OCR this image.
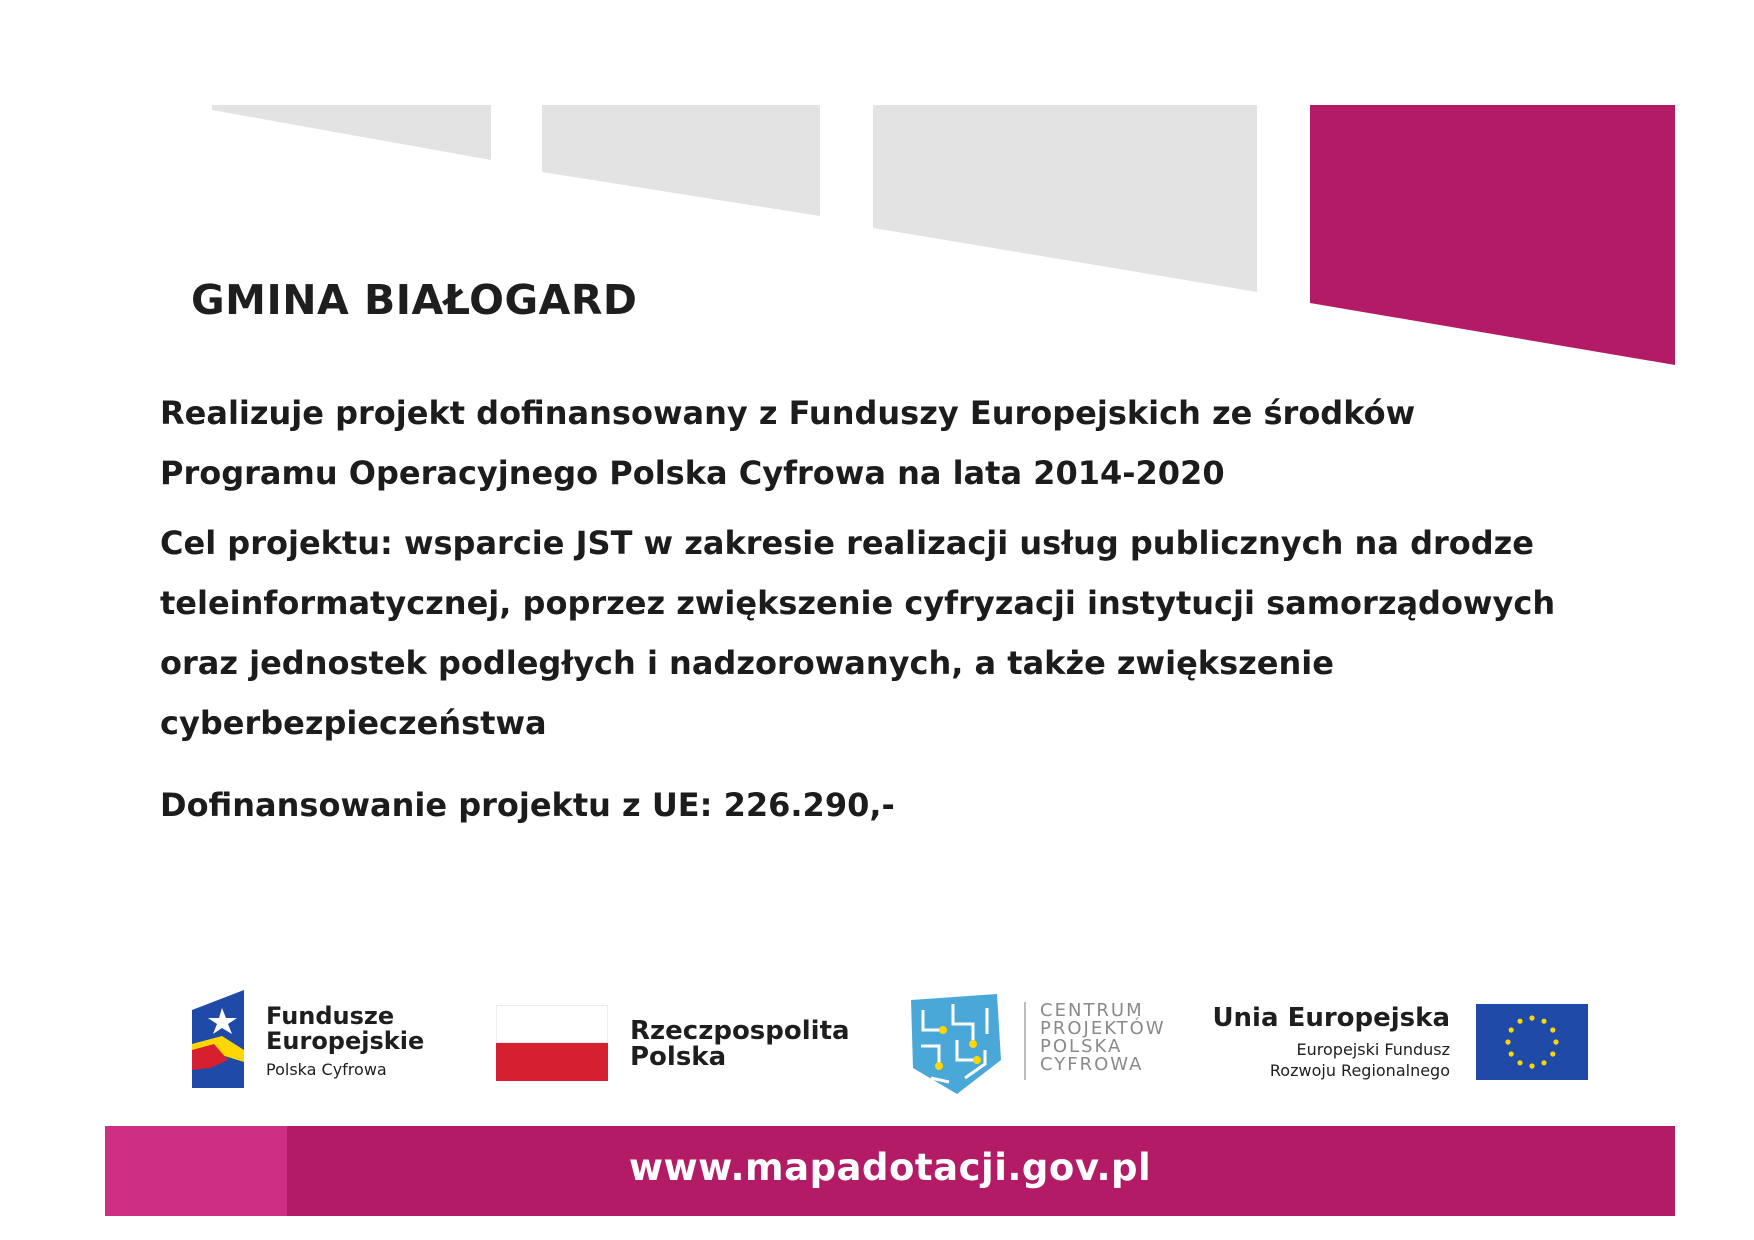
GMINA BIAŁOGARD

Realizuje projekt dofinansowany z Funduszy Europejskich ze środków Programu Operacyjnego Polska Cyfrowa na lata 2014-2020

Cel projektu: wsparcie JST w zakresie realizacji usług publicznych na drodze teleinformatycznej, poprzez zwiększenie cyfryzacji instytucji samorządowych oraz jednostek podległych i nadzorowanych, a także zwiększenie cyberbezpieczeństwa

Dofinansowanie projektu z UE: 226.290,-

Fundusze
Europejskie
Polska Cyfrowa
Rzeczpospolita
Polska
CENTRUM
PROJEKTÓW
POLSKA
CYFROWA
Unia Europejska
Europejski Fundusz
Rozwoju Regionalnego
www.mapadotacji.gov.pl
